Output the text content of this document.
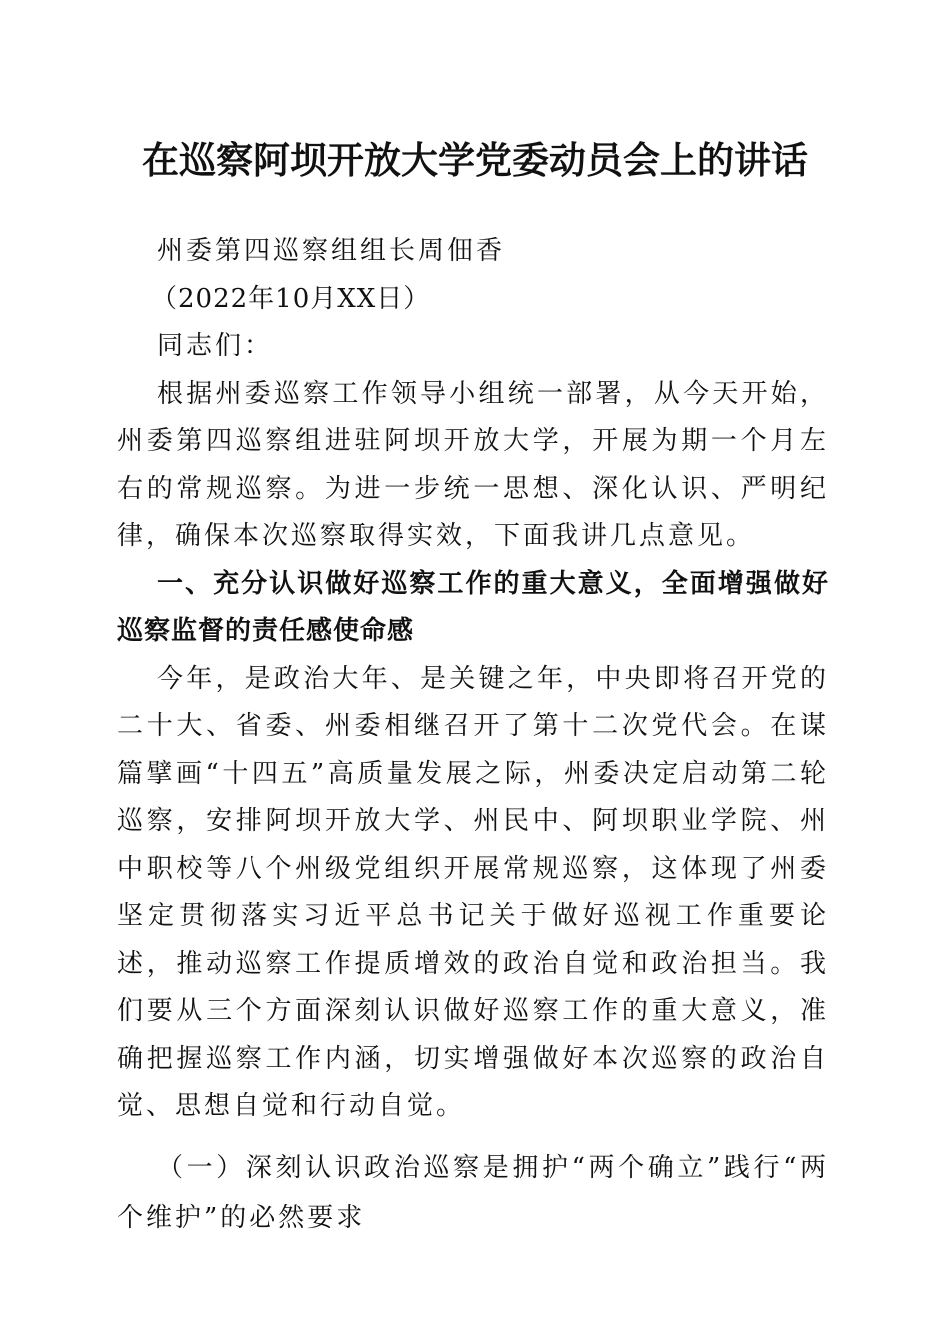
在巡察阿坝开放大学党委动员会上的讲话

州委第四巡察组组长周佃香

（2022年10月XX日）

同志们：

根据州委巡察工作领导小组统一部署，从今天开始，州委第四巡察组进驻阿坝开放大学，开展为期一个月左右的常规巡察。为进一步统一思想、深化认识、严明纪律，确保本次巡察取得实效，下面我讲几点意见。

一、充分认识做好巡察工作的重大意义，全面增强做好巡察监督的责任感使命感

今年，是政治大年、是关键之年，中央即将召开党的二十大、省委、州委相继召开了第十二次党代会。在谋篇擘画“十四五”高质量发展之际，州委决定启动第二轮巡察，安排阿坝开放大学、州民中、阿坝职业学院、州中职校等八个州级党组织开展常规巡察，这体现了州委坚定贯彻落实习近平总书记关于做好巡视工作重要论述，推动巡察工作提质增效的政治自觉和政治担当。我们要从三个方面深刻认识做好巡察工作的重大意义，准确把握巡察工作内涵，切实增强做好本次巡察的政治自觉、思想自觉和行动自觉。

（一）深刻认识政治巡察是拥护“两个确立”践行“两个维护”的必然要求
